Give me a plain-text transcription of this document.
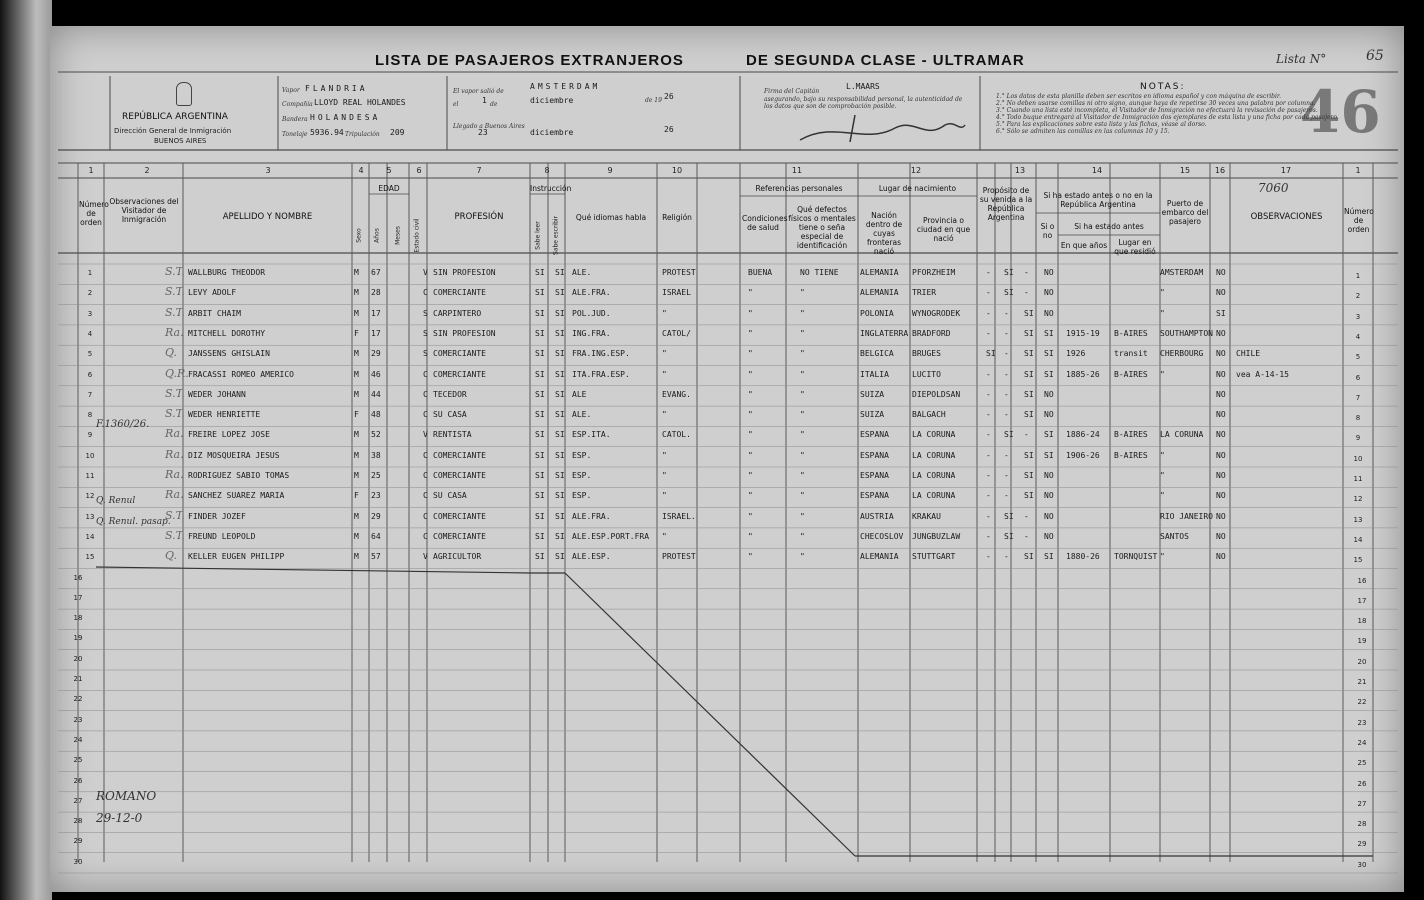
LISTA DE PASAJEROS EXTRANJEROS	DE SEGUNDA CLASE - ULTRAMAR	Lista N°	65
46
REPÚBLICA ARGENTINA
Dirección General de Inmigración
BUENOS AIRES
Vapor FLANDRIA
Compañía LLOYD REAL HOLANDES
Bandera HOLANDESA
Tonelaje 5936.94 Tripulación 209
El vapor salió de
AMSTERDAM
el	1 de	diciembre	de 19 26
Llegado a Buenos Aires
23	diciembre	26
Firma del Capitán
L.MAARS
asegurando, bajo su responsabilidad personal, la autenticidad de los datos que son de comprobación posible.
NOTAS:
1.° Los datos de esta planilla deben ser escritos en idioma español y con máquina de escribir.
2.° No deben usarse comillas ni otro signo, aunque haya de repetirse 30 veces una palabra por columna.
3.° Cuando una lista esté incompleta, el Visitador de Inmigración no efectuará la revisación de pasajeros.
4.° Todo buque entregará al Visitador de Inmigración dos ejemplares de esta lista y una ficha por cada pasajero.
5.° Para las explicaciones sobre esta lista y las fichas, véase al dorso.
6.° Sólo se admiten las comillas en las columnas 10 y 15.
1	2	3	4	5	6	7	8	9	10	11	12	13	14	15	16	17	1
Número de orden
Observaciones del Visitador de Inmigración	APELLIDO Y NOMBRE
EDAD
PROFESIÓN
Instrucción
Qué idiomas habla	Religión
Referencias personales
Condiciones de salud
Qué defectos físicos o mentales tiene o seña especial de identificación
Lugar de nacimiento
Nación dentro de cuyas fronteras nació
Provincia o ciudad en que nació
Propósito de su venida a la República Argentina
Si ha estado antes o no en la República Argentina
Si o no
Si ha estado antes
En que años	Lugar en que residió
Puerto de embarco del pasajero	OBSERVACIONES
Número de orden
Sexo Años Meses Estado civil	Sabe leer Sabe escribir
1	1
S.T. WALLBURG THEODOR	M 67	V SIN PROFESION	SI SI ALE.	PROTEST	BUENA	NO TIENE	ALEMANIA PFORZHEIM	- SI - NO	AMSTERDAM NO
2	2
S.T. LEVY ADOLF	M 28	C COMERCIANTE	SI SI ALE.FRA.	ISRAEL	"	"	ALEMANIA TRIER	- SI - NO	"	NO
3	3
S.T. ARBIT CHAIM	M 17	S CARPINTERO	SI SI POL.JUD.	"	"	"	POLONIA WYNOGRODEK	- - SI NO	"	SI
4	4
Ra. MITCHELL DOROTHY	F 17	S SIN PROFESION	SI SI ING.FRA.	CATOL/	"	"	INGLATERRA BRADFORD	- - SI SI 1915-19 B-AIRES SOUTHAMPTON NO
5	5
Q. JANSSENS GHISLAIN	M 29	S COMERCIANTE	SI SI FRA.ING.ESP.	"	"	"	BELGICA BRUGES	SI - SI SI 1926	transit CHERBOURG NO CHILE
6	6
Q.R. FRACASSI ROMEO AMERICO	M 46	C COMERCIANTE	SI SI ITA.FRA.ESP.	"	"	"	ITALIA	LUCITO	- - SI SI 1885-26 B-AIRES "	NO vea A-14-15
7	7
S.T. WEDER JOHANN	M 44	C TECEDOR	SI SI ALE	EVANG.	"	"	SUIZA	DIEPOLDSAN	- - SI NO	NO
8	8
S.T. WEDER HENRIETTE	F 48	C SU CASA	SI SI ALE.	"	"	"	SUIZA	BALGACH	- - SI NO	NO
9	9
Ra. FREIRE LOPEZ JOSE	M 52	V RENTISTA	SI SI ESP.ITA.	CATOL.	"	"	ESPANA	LA CORUNA	- SI - SI 1886-24 B-AIRES LA CORUNA NO
10	10
Ra. DIZ MOSQUEIRA JESUS	M 38	C COMERCIANTE	SI SI ESP.	"	"	"	ESPANA	LA CORUNA	- - SI SI 1906-26 B-AIRES "	NO
11	11
Ra. RODRIGUEZ SABIO TOMAS	M 25	C COMERCIANTE	SI SI ESP.	"	"	"	ESPANA	LA CORUNA	- - SI NO	"	NO
12	12
Ra. SANCHEZ SUAREZ MARIA	F 23	C SU CASA	SI SI ESP.	"	"	"	ESPANA	LA CORUNA	- - SI NO	"	NO
13	13
S.T. FINDER JOZEF	M 29	C COMERCIANTE	SI SI ALE.FRA.	ISRAEL.	"	"	AUSTRIA KRAKAU	- SI - NO	RIO JANEIRO NO
14	14
S.T. FREUND LEOPOLD	M 64	C COMERCIANTE	SI SI ALE.ESP.PORT.FRA "	"	"	CHECOSLOV JUNGBUZLAW	- SI - NO	SANTOS	NO
15	15
Q. KELLER EUGEN PHILIPP	M 57	V AGRICULTOR	SI SI ALE.ESP.	PROTEST	"	"	ALEMANIA STUTTGART	- - SI SI 1880-26 TORNQUIST "	NO
16	16
17	17
18	18
19	19
20	20
21	21
22	22
23	23
24	24
25	25
26	26
27	27
28	28
29	29
30	30
7060
F.1360/26.
Q. Renul
Q. Renul. pasap.
ROMANO
29-12-0
